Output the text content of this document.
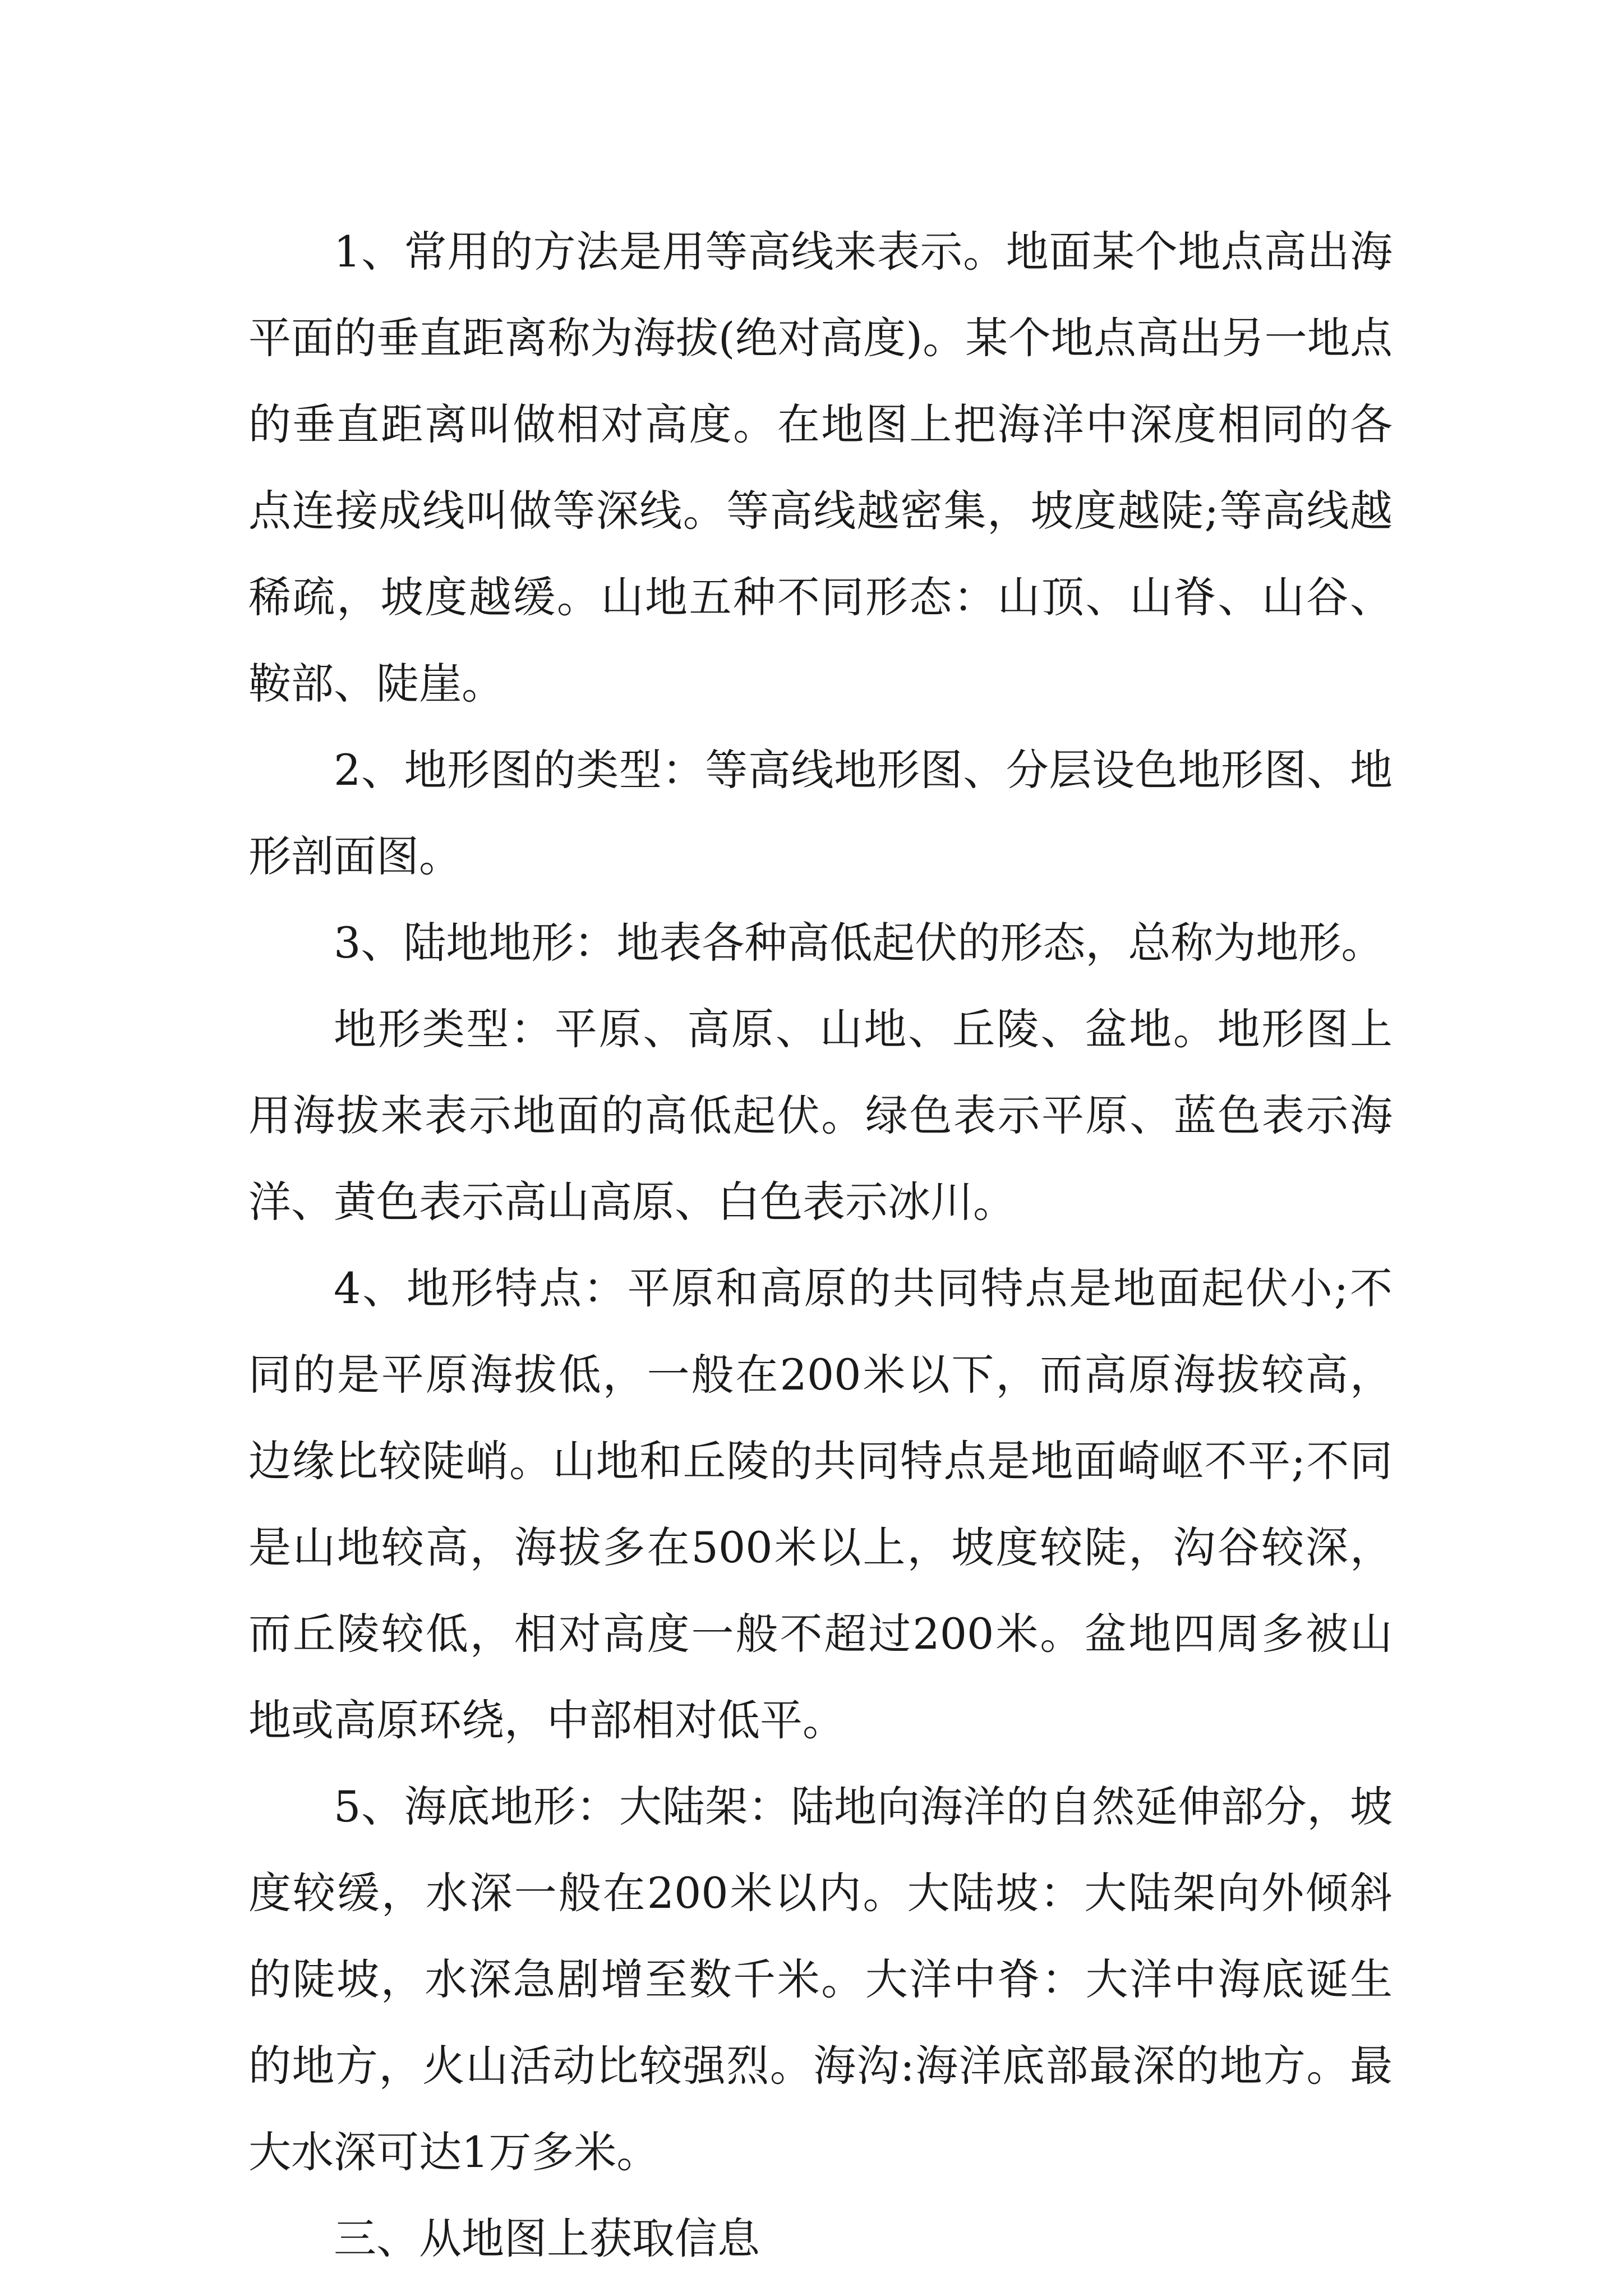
1、常用的方法是用等高线来表示。地面某个地点高出海平面的垂直距离称为海拔(绝对高度)。某个地点高出另一地点的垂直距离叫做相对高度。在地图上把海洋中深度相同的各点连接成线叫做等深线。等高线越密集，坡度越陡;等高线越稀疏，坡度越缓。山地五种不同形态：山顶、山脊、山谷、鞍部、陡崖。

2、地形图的类型：等高线地形图、分层设色地形图、地形剖面图。

3、陆地地形：地表各种高低起伏的形态，总称为地形。

地形类型：平原、高原、山地、丘陵、盆地。地形图上用海拔来表示地面的高低起伏。绿色表示平原、蓝色表示海洋、黄色表示高山高原、白色表示冰川。

4、地形特点：平原和高原的共同特点是地面起伏小;不同的是平原海拔低，一般在200米以下，而高原海拔较高，边缘比较陡峭。山地和丘陵的共同特点是地面崎岖不平;不同是山地较高，海拔多在500米以上，坡度较陡，沟谷较深，而丘陵较低，相对高度一般不超过200米。盆地四周多被山地或高原环绕，中部相对低平。

5、海底地形：大陆架：陆地向海洋的自然延伸部分，坡度较缓，水深一般在200米以内。大陆坡：大陆架向外倾斜的陡坡，水深急剧增至数千米。大洋中脊：大洋中海底诞生的地方，火山活动比较强烈。海沟:海洋底部最深的地方。最大水深可达1万多米。

三、从地图上获取信息
